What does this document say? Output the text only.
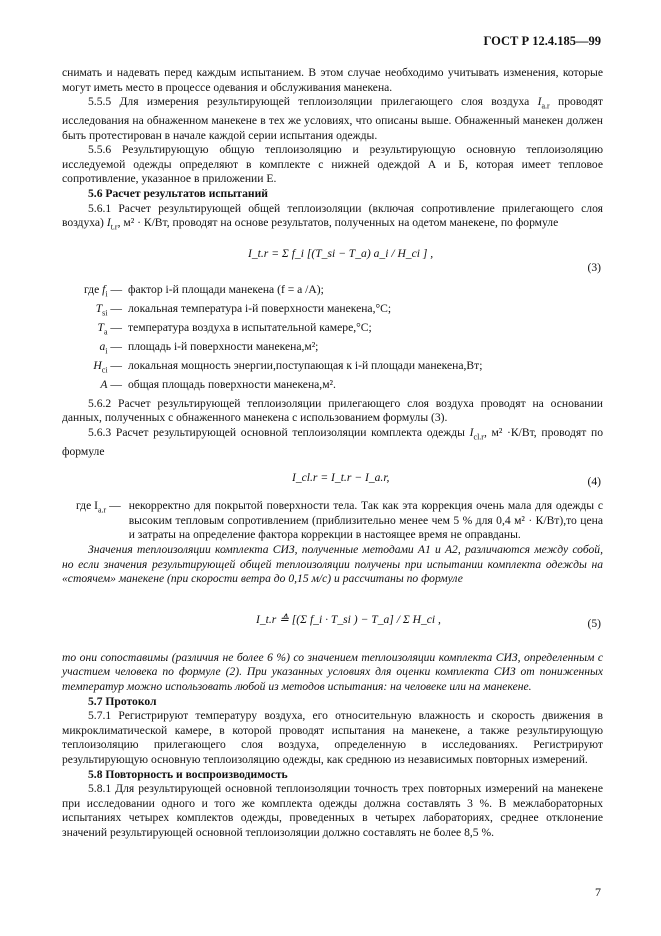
ГОСТ Р 12.4.185—99

снимать и надевать перед каждым испытанием. В этом случае необходимо учитывать изменения, которые могут иметь место в процессе одевания и обслуживания манекена.

5.5.5 Для измерения результирующей теплоизоляции прилегающего слоя воздуха $I_{a.r}$ проводят исследования на обнаженном манекене в тех же условиях, что описаны выше. Обнаженный манекен должен быть протестирован в начале каждой серии испытания одежды.

5.5.6 Результирующую общую теплоизоляцию и результирующую основную теплоизоляцию исследуемой одежды определяют в комплекте с нижней одеждой А и Б, которая имеет тепловое сопротивление, указанное в приложении Е.

5.6 Расчет результатов испытаний

5.6.1 Расчет результирующей общей теплоизоляции (включая сопротивление прилегающего слоя воздуха) $I_{t.r}$, м² · К/Вт, проводят на основе результатов, полученных на одетом манекене, по формуле

I_t.r = Σ f_i [(T_si − T_a) a_i / H_ci ] ,
(3)
где $f_i$ — фактор i-й площади манекена (f = a /A);
$T_{si}$ — локальная температура i-й поверхности манекена,°С;
$T_a$ — температура воздуха в испытательной камере,°С;
$a_i$ — площадь i-й поверхности манекена,м²;
$H_{ci}$ — локальная мощность энергии,поступающая к i-й площади манекена,Вт;
A — общая площадь поверхности манекена,м².

5.6.2 Расчет результирующей теплоизоляции прилегающего слоя воздуха проводят на основании данных, полученных с обнаженного манекена с использованием формулы (3).

5.6.3 Расчет результирующей основной теплоизоляции комплекта одежды $I_{cl.r}$, м² ·К/Вт, проводят по формуле

I_cl.r = I_t.r − I_a.r,	(4)
где $I_{a.r}$ — некорректно для покрытой поверхности тела. Так как эта коррекция очень мала для одежды с высоким тепловым сопротивлением (приблизительно менее чем 5 % для 0,4 м² · К/Вт),то цена и затраты на определение фактора коррекции в настоящее время не оправданы.

Значения теплоизоляции комплекта СИЗ, полученные методами А1 и А2, различаются между собой, но если значения результирующей общей теплоизоляции получены при испытании комплекта одежды на «стоячем» манекене (при скорости ветра до 0,15 м/с) и рассчитаны по формуле

I_t.r ≙ [(Σ f_i · T_si ) − T_a] / Σ H_ci ,	(5)

то они сопоставимы (различия не более 6 %) со значением теплоизоляции комплекта СИЗ, определенным с участием человека по формуле (2). При указанных условиях для оценки комплекта СИЗ от пониженных температур можно использовать любой из методов испытания: на человеке или на манекене.

5.7 Протокол

5.7.1 Регистрируют температуру воздуха, его относительную влажность и скорость движения в микроклиматической камере, в которой проводят испытания на манекене, а также результирующую теплоизоляцию прилегающего слоя воздуха, определенную в исследованиях. Регистрируют результирующую основную теплоизоляцию одежды, как среднюю из независимых повторных измерений.

5.8 Повторность и воспроизводимость

5.8.1 Для результирующей основной теплоизоляции точность трех повторных измерений на манекене при исследовании одного и того же комплекта одежды должна составлять 3 %. В межлабораторных испытаниях четырех комплектов одежды, проведенных в четырех лабораториях, среднее отклонение значений результирующей основной теплоизоляции должно составлять не более 8,5 %.

7
